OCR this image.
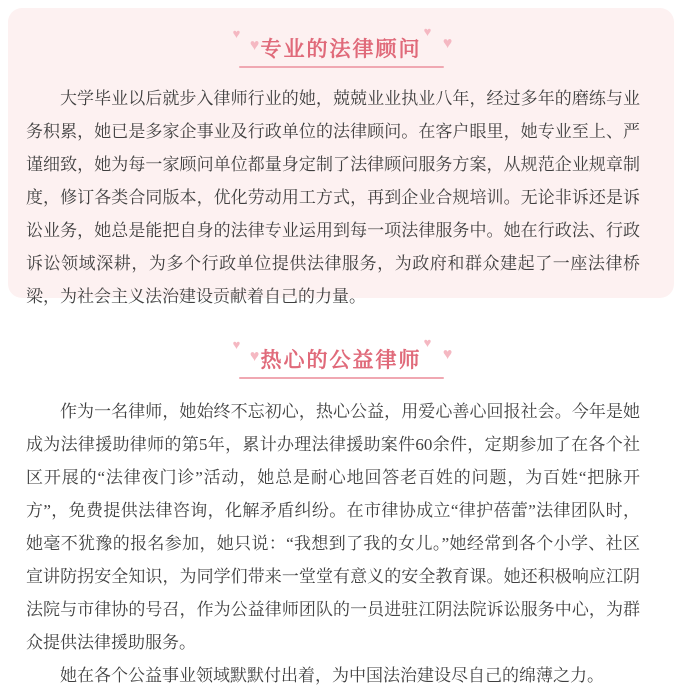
♥
♥
♥
♥
专业的法律顾问
大学毕业以后就步入律师行业的她，兢兢业业执业八年，经过多年的磨练与业务积累，她已是多家企事业及行政单位的法律顾问。在客户眼里，她专业至上、严谨细致，她为每一家顾问单位都量身定制了法律顾问服务方案，从规范企业规章制度，修订各类合同版本，优化劳动用工方式，再到企业合规培训。无论非诉还是诉讼业务，她总是能把自身的法律专业运用到每一项法律服务中。她在行政法、行政诉讼领域深耕，为多个行政单位提供法律服务，为政府和群众建起了一座法律桥梁，为社会主义法治建设贡献着自己的力量。
♥
♥
♥
♥
热心的公益律师

作为一名律师，她始终不忘初心，热心公益，用爱心善心回报社会。今年是她成为法律援助律师的第5年，累计办理法律援助案件60余件，定期参加了在各个社区开展的“法律夜门诊”活动，她总是耐心地回答老百姓的问题，为百姓“把脉开方”，免费提供法律咨询，化解矛盾纠纷。在市律协成立“律护蓓蕾”法律团队时，她毫不犹豫的报名参加，她只说：“我想到了我的女儿。”她经常到各个小学、社区宣讲防拐安全知识，为同学们带来一堂堂有意义的安全教育课。她还积极响应江阴法院与市律协的号召，作为公益律师团队的一员进驻江阴法院诉讼服务中心，为群众提供法律援助服务。

她在各个公益事业领域默默付出着，为中国法治建设尽自己的绵薄之力。
